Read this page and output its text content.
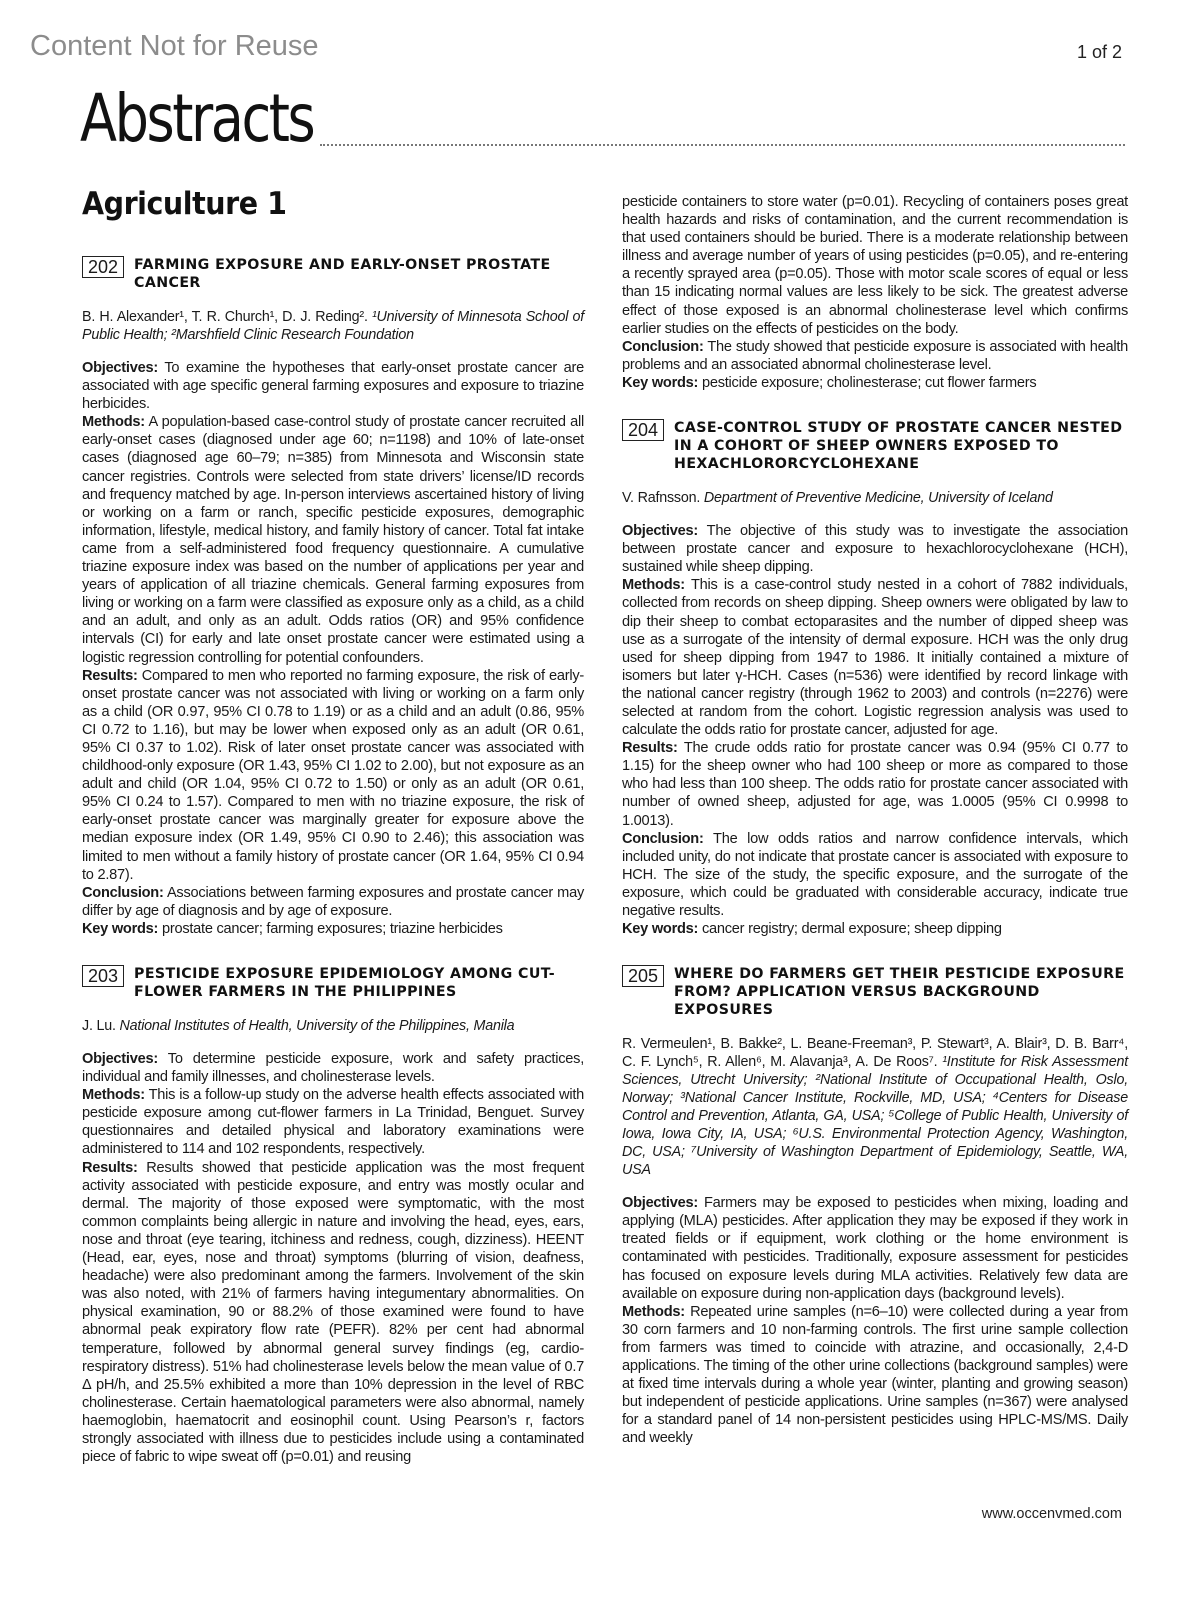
Content Not for Reuse	1 of 2
Abstracts
Agriculture 1
202	FARMING EXPOSURE AND EARLY-ONSET PROSTATE CANCER

B. H. Alexander¹, T. R. Church¹, D. J. Reding². ¹University of Minnesota School of Public Health; ²Marshfield Clinic Research Foundation

Objectives: To examine the hypotheses that early-onset prostate cancer are associated with age specific general farming exposures and exposure to triazine herbicides.

Methods: A population-based case-control study of prostate cancer recruited all early-onset cases (diagnosed under age 60; n=1198) and 10% of late-onset cases (diagnosed age 60–79; n=385) from Minnesota and Wisconsin state cancer registries. Controls were selected from state drivers’ license/ID records and frequency matched by age. In-person interviews ascertained history of living or working on a farm or ranch, specific pesticide exposures, demographic information, lifestyle, medical history, and family history of cancer. Total fat intake came from a self-administered food frequency questionnaire. A cumulative triazine exposure index was based on the number of applications per year and years of application of all triazine chemicals. General farming exposures from living or working on a farm were classified as exposure only as a child, as a child and an adult, and only as an adult. Odds ratios (OR) and 95% confidence intervals (CI) for early and late onset prostate cancer were estimated using a logistic regression controlling for potential confounders.

Results: Compared to men who reported no farming exposure, the risk of early-onset prostate cancer was not associated with living or working on a farm only as a child (OR 0.97, 95% CI 0.78 to 1.19) or as a child and an adult (0.86, 95% CI 0.72 to 1.16), but may be lower when exposed only as an adult (OR 0.61, 95% CI 0.37 to 1.02). Risk of later onset prostate cancer was associated with childhood-only exposure (OR 1.43, 95% CI 1.02 to 2.00), but not exposure as an adult and child (OR 1.04, 95% CI 0.72 to 1.50) or only as an adult (OR 0.61, 95% CI 0.24 to 1.57). Compared to men with no triazine exposure, the risk of early-onset prostate cancer was marginally greater for exposure above the median exposure index (OR 1.49, 95% CI 0.90 to 2.46); this association was limited to men without a family history of prostate cancer (OR 1.64, 95% CI 0.94 to 2.87).

Conclusion: Associations between farming exposures and prostate cancer may differ by age of diagnosis and by age of exposure.

Key words: prostate cancer; farming exposures; triazine herbicides

203	PESTICIDE EXPOSURE EPIDEMIOLOGY AMONG CUT-FLOWER FARMERS IN THE PHILIPPINES

J. Lu. National Institutes of Health, University of the Philippines, Manila

Objectives: To determine pesticide exposure, work and safety practices, individual and family illnesses, and cholinesterase levels.

Methods: This is a follow-up study on the adverse health effects associated with pesticide exposure among cut-flower farmers in La Trinidad, Benguet. Survey questionnaires and detailed physical and laboratory examinations were administered to 114 and 102 respondents, respectively.

Results: Results showed that pesticide application was the most frequent activity associated with pesticide exposure, and entry was mostly ocular and dermal. The majority of those exposed were symptomatic, with the most common complaints being allergic in nature and involving the head, eyes, ears, nose and throat (eye tearing, itchiness and redness, cough, dizziness). HEENT (Head, ear, eyes, nose and throat) symptoms (blurring of vision, deafness, headache) were also predominant among the farmers. Involvement of the skin was also noted, with 21% of farmers having integumentary abnormalities. On physical examination, 90 or 88.2% of those examined were found to have abnormal peak expiratory flow rate (PEFR). 82% per cent had abnormal temperature, followed by abnormal general survey findings (eg, cardio-respiratory distress). 51% had cholinesterase levels below the mean value of 0.7 Δ pH/h, and 25.5% exhibited a more than 10% depression in the level of RBC cholinesterase. Certain haematological parameters were also abnormal, namely haemoglobin, haematocrit and eosinophil count. Using Pearson’s r, factors strongly associated with illness due to pesticides include using a contaminated piece of fabric to wipe sweat off (p=0.01) and reusing

pesticide containers to store water (p=0.01). Recycling of containers poses great health hazards and risks of contamination, and the current recommendation is that used containers should be buried. There is a moderate relationship between illness and average number of years of using pesticides (p=0.05), and re-entering a recently sprayed area (p=0.05). Those with motor scale scores of equal or less than 15 indicating normal values are less likely to be sick. The greatest adverse effect of those exposed is an abnormal cholinesterase level which confirms earlier studies on the effects of pesticides on the body.

Conclusion: The study showed that pesticide exposure is associated with health problems and an associated abnormal cholinesterase level.

Key words: pesticide exposure; cholinesterase; cut flower farmers

204	CASE-CONTROL STUDY OF PROSTATE CANCER NESTED IN A COHORT OF SHEEP OWNERS EXPOSED TO HEXACHLORORCYCLOHEXANE

V. Rafnsson. Department of Preventive Medicine, University of Iceland

Objectives: The objective of this study was to investigate the association between prostate cancer and exposure to hexachlorocyclohexane (HCH), sustained while sheep dipping.

Methods: This is a case-control study nested in a cohort of 7882 individuals, collected from records on sheep dipping. Sheep owners were obligated by law to dip their sheep to combat ectoparasites and the number of dipped sheep was use as a surrogate of the intensity of dermal exposure. HCH was the only drug used for sheep dipping from 1947 to 1986. It initially contained a mixture of isomers but later γ-HCH. Cases (n=536) were identified by record linkage with the national cancer registry (through 1962 to 2003) and controls (n=2276) were selected at random from the cohort. Logistic regression analysis was used to calculate the odds ratio for prostate cancer, adjusted for age.

Results: The crude odds ratio for prostate cancer was 0.94 (95% CI 0.77 to 1.15) for the sheep owner who had 100 sheep or more as compared to those who had less than 100 sheep. The odds ratio for prostate cancer associated with number of owned sheep, adjusted for age, was 1.0005 (95% CI 0.9998 to 1.0013).

Conclusion: The low odds ratios and narrow confidence intervals, which included unity, do not indicate that prostate cancer is associated with exposure to HCH. The size of the study, the specific exposure, and the surrogate of the exposure, which could be graduated with considerable accuracy, indicate true negative results.

Key words: cancer registry; dermal exposure; sheep dipping

205	WHERE DO FARMERS GET THEIR PESTICIDE EXPOSURE FROM? APPLICATION VERSUS BACKGROUND EXPOSURES

R. Vermeulen¹, B. Bakke², L. Beane-Freeman³, P. Stewart³, A. Blair³, D. B. Barr⁴, C. F. Lynch⁵, R. Allen⁶, M. Alavanja³, A. De Roos⁷. ¹Institute for Risk Assessment Sciences, Utrecht University; ²National Institute of Occupational Health, Oslo, Norway; ³National Cancer Institute, Rockville, MD, USA; ⁴Centers for Disease Control and Prevention, Atlanta, GA, USA; ⁵College of Public Health, University of Iowa, Iowa City, IA, USA; ⁶U.S. Environmental Protection Agency, Washington, DC, USA; ⁷University of Washington Department of Epidemiology, Seattle, WA, USA

Objectives: Farmers may be exposed to pesticides when mixing, loading and applying (MLA) pesticides. After application they may be exposed if they work in treated fields or if equipment, work clothing or the home environment is contaminated with pesticides. Traditionally, exposure assessment for pesticides has focused on exposure levels during MLA activities. Relatively few data are available on exposure during non-application days (background levels).

Methods: Repeated urine samples (n=6–10) were collected during a year from 30 corn farmers and 10 non-farming controls. The first urine sample collection from farmers was timed to coincide with atrazine, and occasionally, 2,4-D applications. The timing of the other urine collections (background samples) were at fixed time intervals during a whole year (winter, planting and growing season) but independent of pesticide applications. Urine samples (n=367) were analysed for a standard panel of 14 non-persistent pesticides using HPLC-MS/MS. Daily and weekly

www.occenvmed.com
